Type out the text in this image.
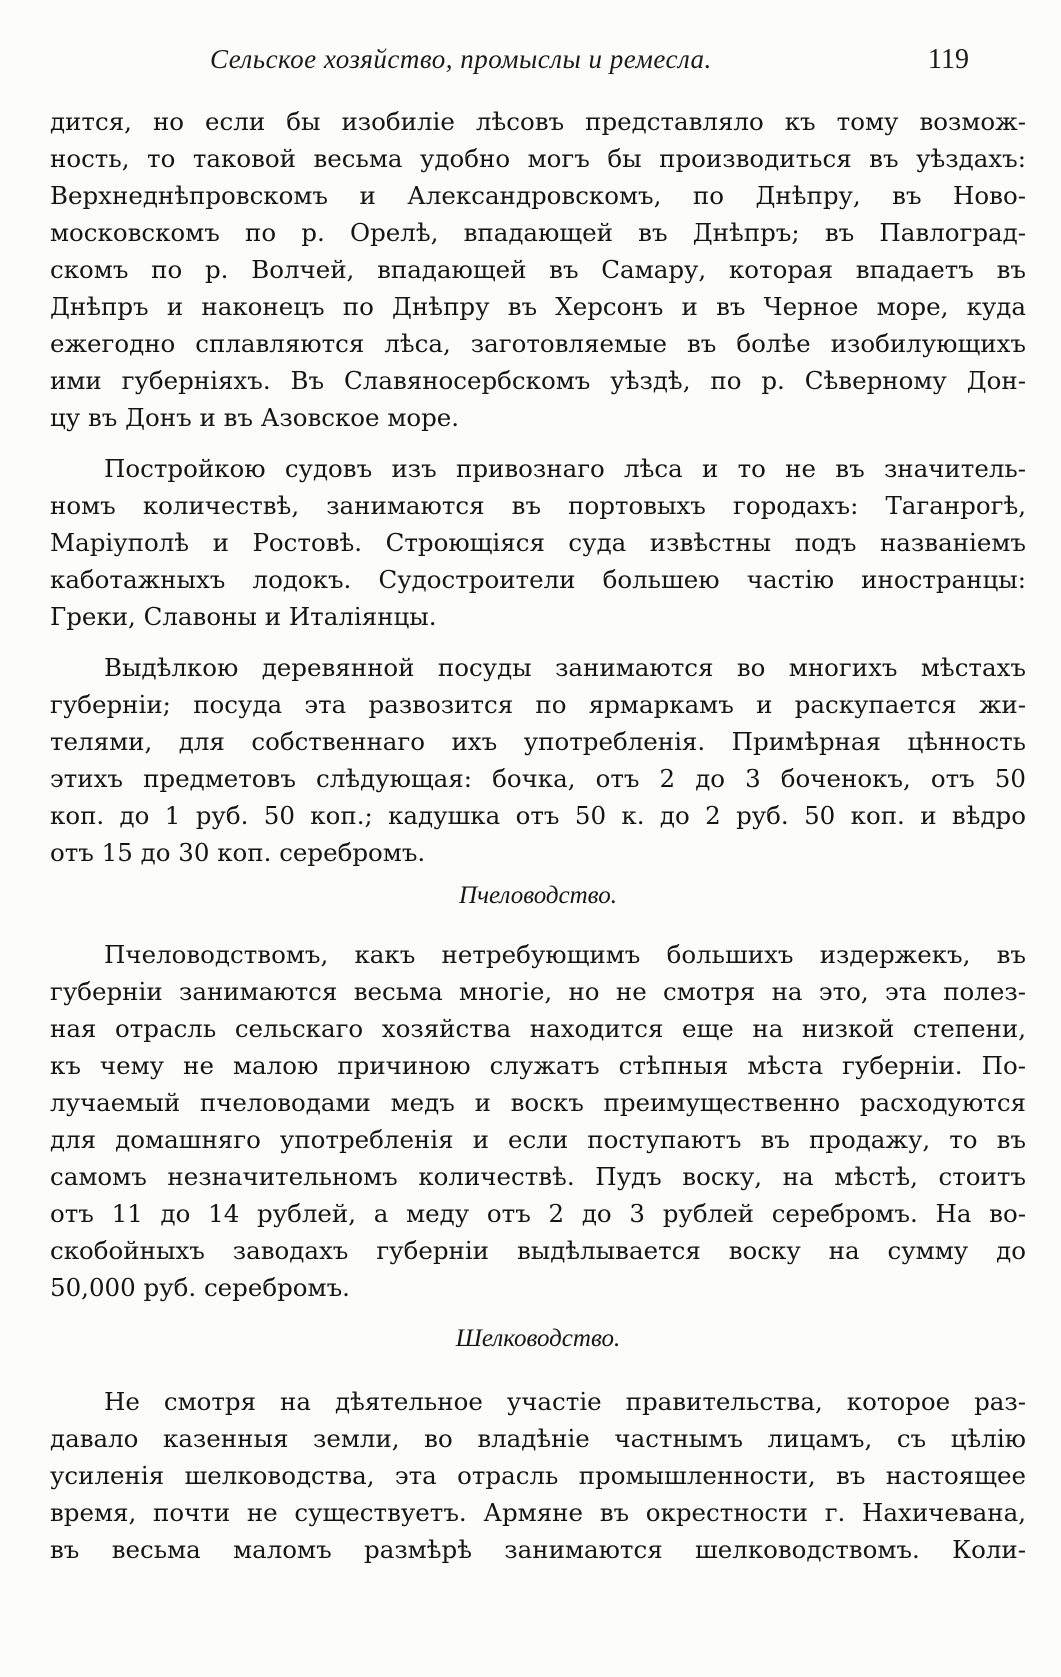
Сельское хозяйство, промыслы и ремесла.	119
дится, но если бы изобиліе лѣсовъ представляло къ тому возмож-
ность, то таковой весьма удобно могъ бы производиться въ уѣздахъ:
Верхнеднѣпровскомъ и Александровскомъ, по Днѣпру, въ Ново-
московскомъ по р. Орелѣ, впадающей въ Днѣпръ; въ Павлоград-
скомъ по р. Волчей, впадающей въ Самару, которая впадаетъ въ
Днѣпръ и наконецъ по Днѣпру въ Херсонъ и въ Черное море, куда
ежегодно сплавляются лѣса, заготовляемые въ болѣе изобилующихъ
ими губерніяхъ. Въ Славяносербскомъ уѣздѣ, по р. Сѣверному Дон-
цу въ Донъ и въ Азовское море.
Постройкою судовъ изъ привознаго лѣса и то не въ значитель-
номъ количествѣ, занимаются въ портовыхъ городахъ: Таганрогѣ,
Маріуполѣ и Ростовѣ. Строющіяся суда извѣстны подъ названіемъ
каботажныхъ лодокъ. Судостроители большею частію иностранцы:
Греки, Славоны и Италіянцы.
Выдѣлкою деревянной посуды занимаются во многихъ мѣстахъ
губерніи; посуда эта развозится по ярмаркамъ и раскупается жи-
телями, для собственнаго ихъ употребленія. Примѣрная цѣнность
этихъ предметовъ слѣдующая: бочка, отъ 2 до 3 боченокъ, отъ 50
коп. до 1 руб. 50 коп.; кадушка отъ 50 к. до 2 руб. 50 коп. и вѣдро
отъ 15 до 30 коп. серебромъ.
Пчеловодство.
Пчеловодствомъ, какъ нетребующимъ большихъ издержекъ, въ
губерніи занимаются весьма многіе, но не смотря на это, эта полез-
ная отрасль сельскаго хозяйства находится еще на низкой степени,
къ чему не малою причиною служатъ стѣпныя мѣста губерніи. По-
лучаемый пчеловодами медъ и воскъ преимущественно расходуются
для домашняго употребленія и если поступаютъ въ продажу, то въ
самомъ незначительномъ количествѣ. Пудъ воску, на мѣстѣ, стоитъ
отъ 11 до 14 рублей, а меду отъ 2 до 3 рублей серебромъ. На во-
скобойныхъ заводахъ губерніи выдѣлывается воску на сумму до
50,000 руб. серебромъ.
Шелководство.
Не смотря на дѣятельное участіе правительства, которое раз-
давало казенныя земли, во владѣніе частнымъ лицамъ, съ цѣлію
усиленія шелководства, эта отрасль промышленности, въ настоящее
время, почти не существуетъ. Армяне въ окрестности г. Нахичевана,
въ весьма маломъ размѣрѣ занимаются шелководствомъ. Коли-
